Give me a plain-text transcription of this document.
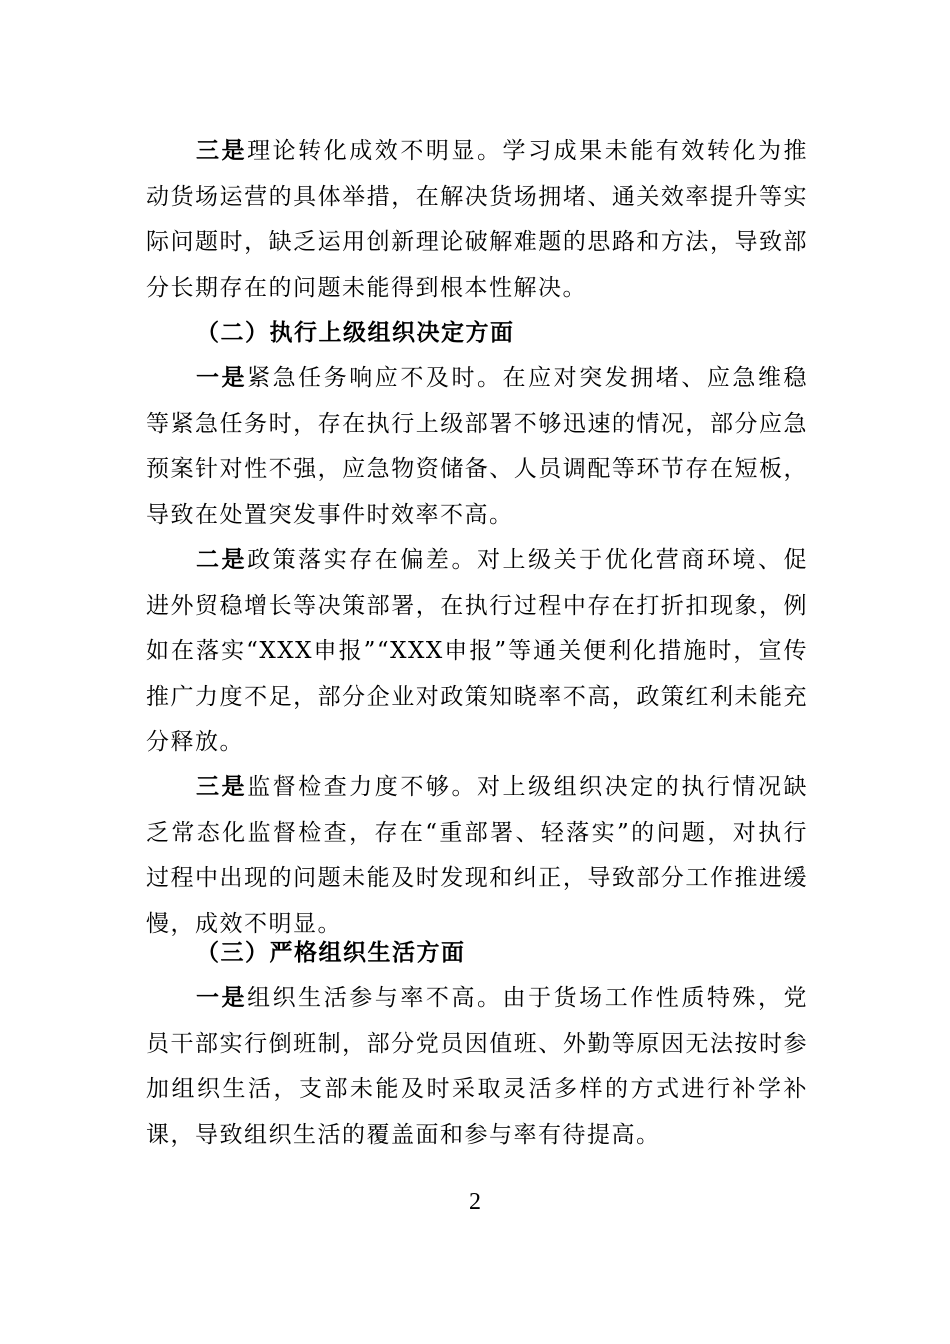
三是理论转化成效不明显。学习成果未能有效转化为推动货场运营的具体举措，在解决货场拥堵、通关效率提升等实际问题时，缺乏运用创新理论破解难题的思路和方法，导致部分长期存在的问题未能得到根本性解决。

（二）执行上级组织决定方面

一是紧急任务响应不及时。在应对突发拥堵、应急维稳等紧急任务时，存在执行上级部署不够迅速的情况，部分应急预案针对性不强，应急物资储备、人员调配等环节存在短板，导致在处置突发事件时效率不高。

二是政策落实存在偏差。对上级关于优化营商环境、促进外贸稳增长等决策部署，在执行过程中存在打折扣现象，例如在落实“XXX申报”“XXX申报”等通关便利化措施时，宣传推广力度不足，部分企业对政策知晓率不高，政策红利未能充分释放。

三是监督检查力度不够。对上级组织决定的执行情况缺乏常态化监督检查，存在“重部署、轻落实”的问题，对执行过程中出现的问题未能及时发现和纠正，导致部分工作推进缓慢，成效不明显。

（三）严格组织生活方面

一是组织生活参与率不高。由于货场工作性质特殊，党员干部实行倒班制，部分党员因值班、外勤等原因无法按时参加组织生活，支部未能及时采取灵活多样的方式进行补学补课，导致组织生活的覆盖面和参与率有待提高。

2
